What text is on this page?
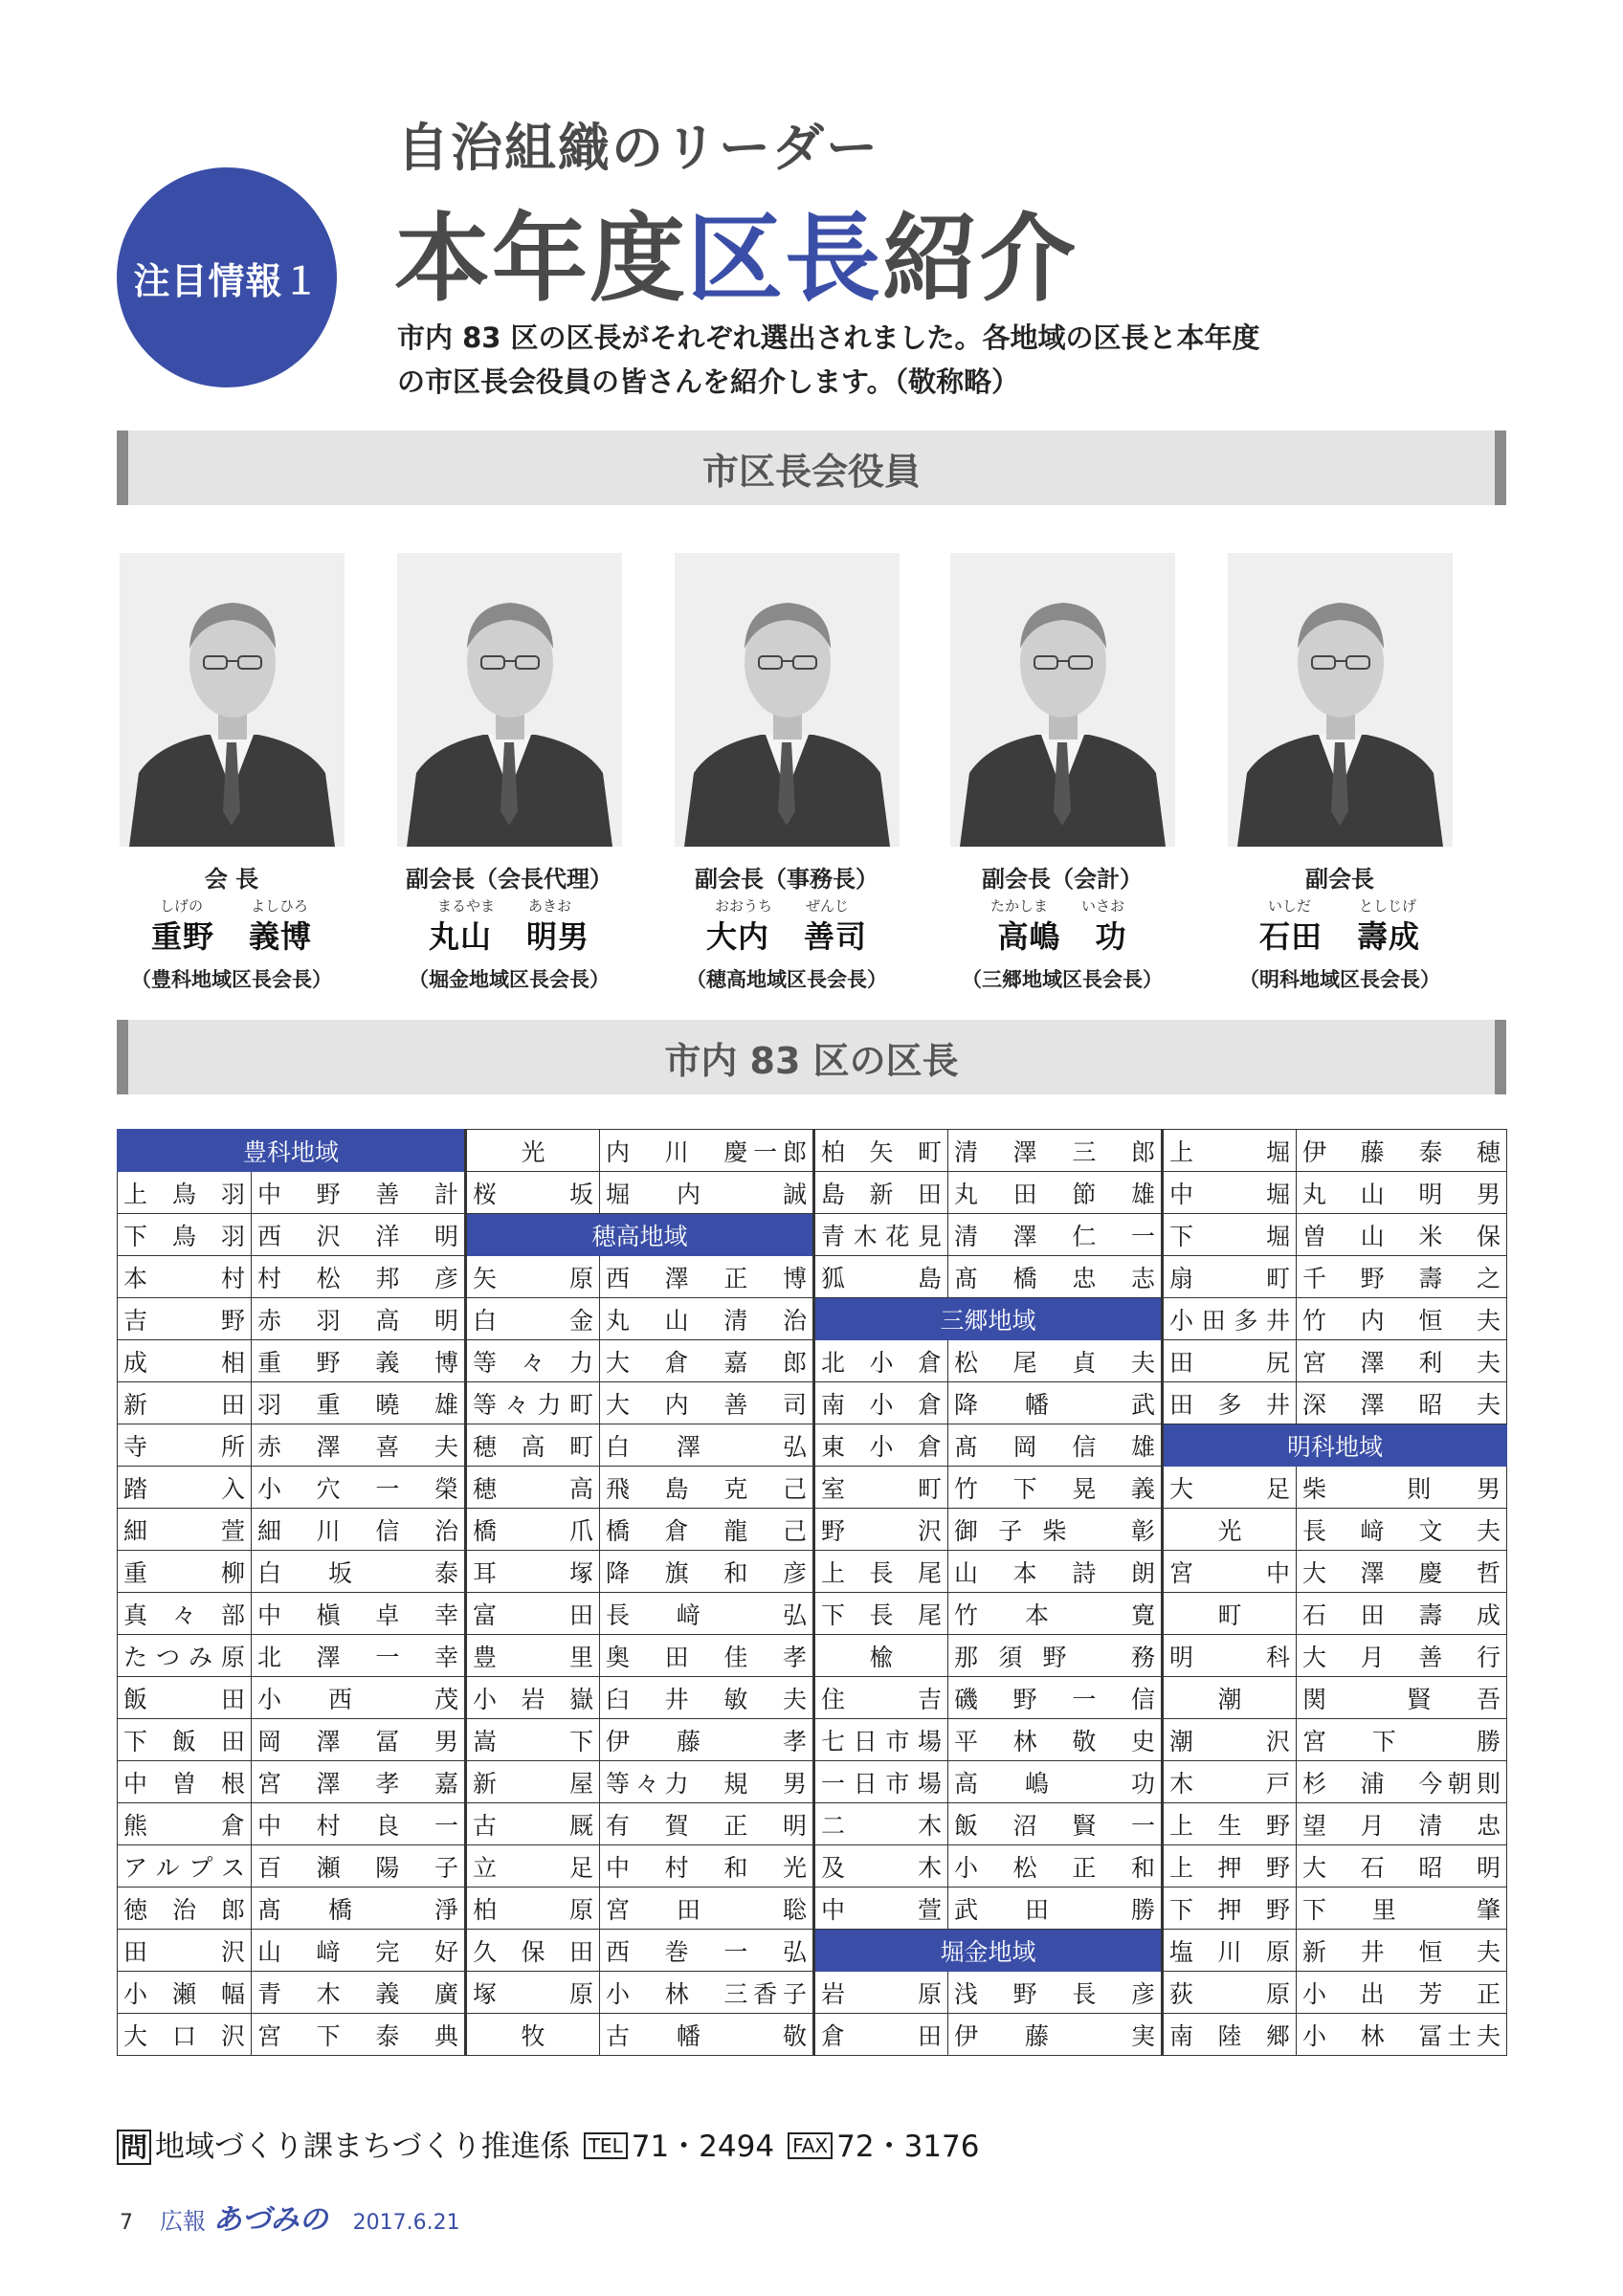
注目情報１
自治組織のリーダー
本年度区長紹介
市内 83 区の区長がそれぞれ選出されました。各地域の区長と本年度
の市区長会役員の皆さんを紹介します。（敬称略）
市区長会役員
会 長
しげの	よしひろ
重野 義博
（豊科地域区長会長）
副会長（会長代理）
まるやま あきお
丸山 明男
（堀金地域区長会長）
副会長（事務長）
おおうち ぜんじ
大内 善司
（穂高地域区長会長）
副会長（会計）
たかしま いさお
高嶋 功
（三郷地域区長会長）
副会長
いしだ	としじげ
石田 壽成
（明科地域区長会長）
市内 83 区の区長
豊科地域		光	内　川　慶一郎	柏矢町	清　澤　三　郎	上　堀	伊　藤　泰　穂
上鳥羽	中　野　善　計	桜　坂	堀　内　　誠	島新田	丸　田　節　雄	中　堀	丸　山　明　男
下鳥羽	西　沢　洋　明	穂高地域		青木花見	清　澤　仁　一	下　堀	曽　山　米　保
本　村	村　松　邦　彦	矢　原	西　澤　正　博	狐　島	髙　橋　忠　志	扇　町	千　野　壽　之
吉　野	赤　羽　高　明	白　金	丸　山　清　治	三郷地域		小田多井	竹　内　恒　夫
成　相	重　野　義　博	等々力	大　倉　嘉　郎	北小倉	松　尾　貞　夫	田　尻	宮　澤　利　夫
新　田	羽　重　曉　雄	等々力町	大　内　善　司	南小倉	降　幡　　武	田多井	深　澤　昭　夫
寺　所	赤　澤　喜　夫	穂高町	白　澤　　弘	東小倉	髙　岡　信　雄	明科地域	
踏　入	小　穴　一　榮	穂　高	飛　島　克　己	室　町	竹　下　晃　義	大　足	柴　　則　男
細　萱	細　川　信　治	橋　爪	橋　倉　龍　己	野　沢	御子柴　彰	光	長　﨑　文　夫
重　柳	白　坂　　泰	耳　塚	降　旗　和　彦	上長尾	山　本　詩　朗	宮　中	大　澤　慶　哲
真々部	中　槇　卓　幸	富　田	長　﨑　　弘	下長尾	竹　本　　寛	町	石　田　壽　成
たつみ原	北　澤　一　幸	豊　里	奥　田　佳　孝	楡	那須野　務	明　科	大　月　善　行
飯　田	小　西　　茂	小岩嶽	臼　井　敏　夫	住　吉	磯　野　一　信	潮	関　　賢　吾
下飯田	岡　澤　冨　男	嵩　下	伊　藤　　孝	七日市場	平　林　敬　史	潮　沢	宮　下　　勝
中曽根	宮　澤　孝　嘉	新　屋	等々力　規　男	一日市場	高　嶋　　功	木　戸	杉　浦　今朝則
熊　倉	中　村　良　一	古　厩	有　賀　正　明	二　木	飯　沼　賢　一	上生野	望　月　清　忠
アルプス	百　瀬　陽　子	立　足	中　村　和　光	及　木	小　松　正　和	上押野	大　石　昭　明
徳治郎	髙　橋　　淨	柏　原	宮　田　　聡	中　萱	武　田　　勝	下押野	下　里　　肇
田　沢	山　﨑　完　好	久保田	西　巻　一　弘	堀金地域		塩川原	新　井　恒　夫
小瀬幅	青　木　義　廣	塚　原	小　林　三香子	岩　原	浅　野　長　彦	荻　原	小　出　芳　正
大口沢	宮　下　泰　典	牧	古　幡　　敬	倉　田	伊　藤　　実	南陸郷	小　林　冨士夫
問 地域づくり課まちづくり推進係 TEL 71・2494 FAX 72・3176
7 広報 あづみの 2017.6.21
